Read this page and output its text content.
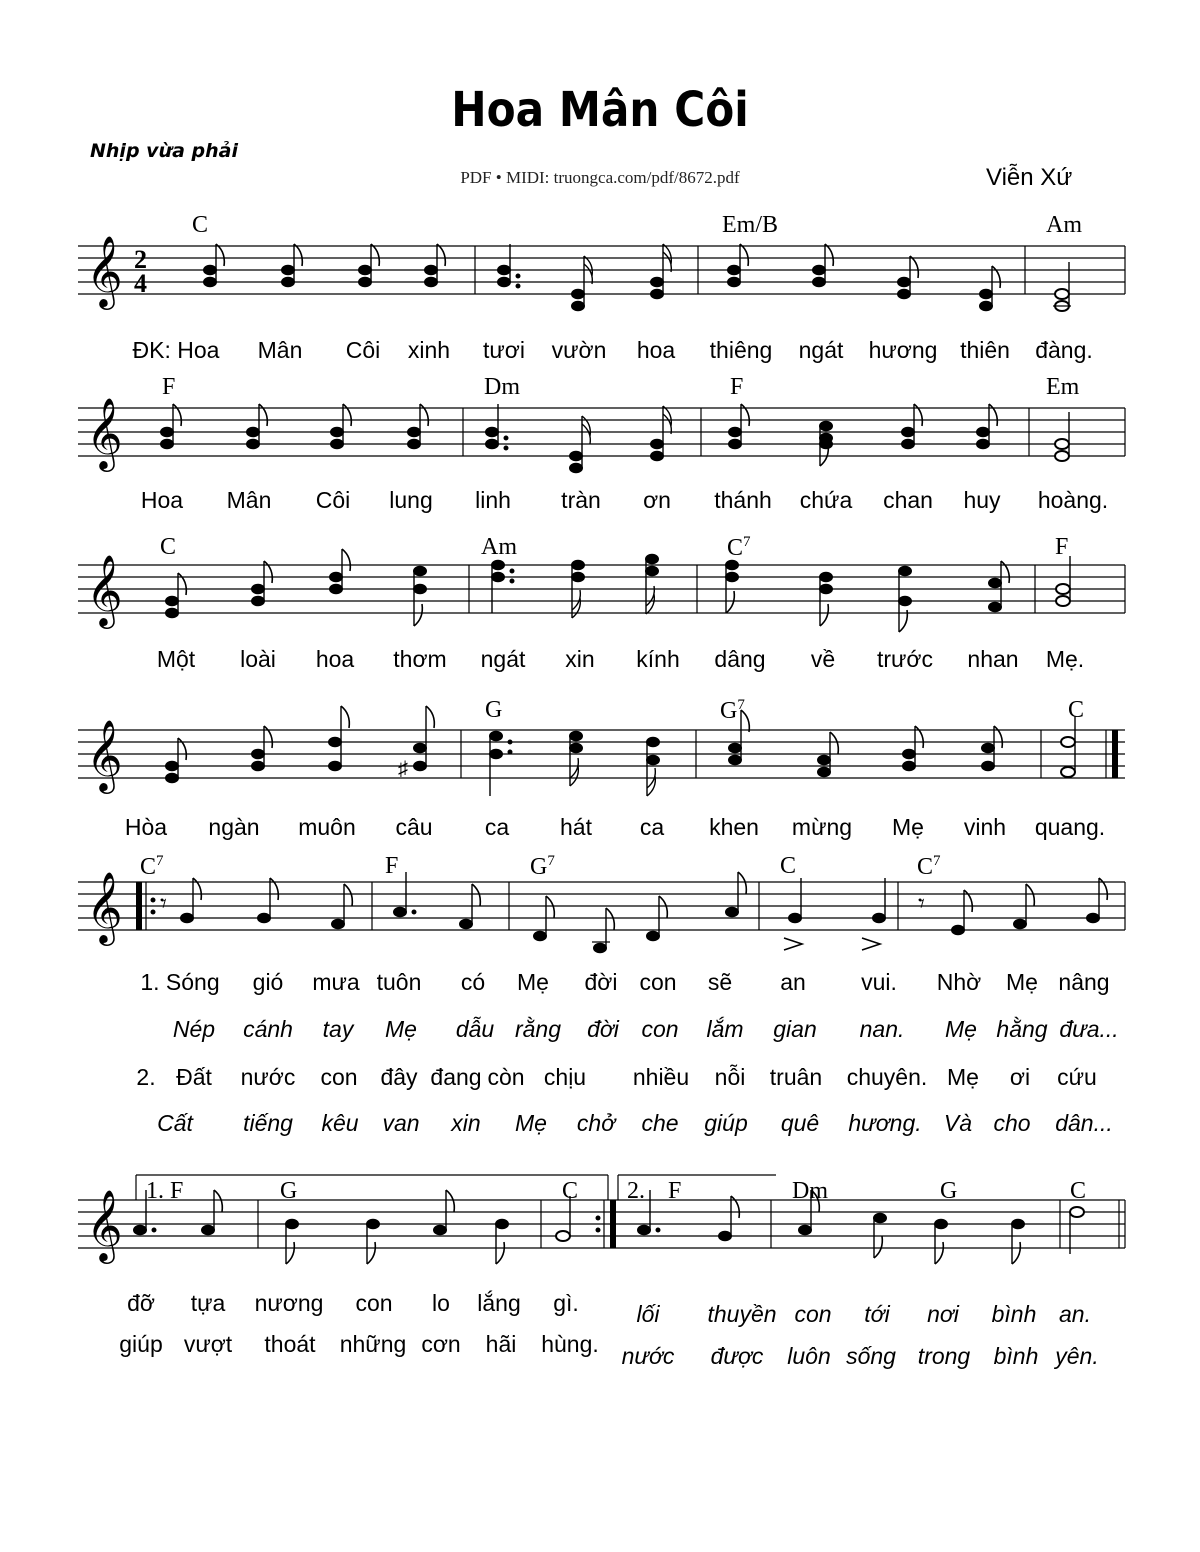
Hoa Mân Côi
Nhịp vừa phải
PDF • MIDI: truongca.com/pdf/8672.pdf	Viễn Xứ
𝄞 2
4
C	Em/B	Am
ĐK: Hoa Mân Côi xinh tươi vườn hoa thiêng ngát hương thiên đàng.
𝄞
F	Dm	F	Em
Hoa Mân Côi lung linh tràn ơn thánh chứa chan huy hoàng.
𝄞
C	Am	$C^7$	F
Một loài hoa thơm ngát xin kính dâng về trước nhan Mẹ.
𝄞	♯
G	$G^7$	C
Hòa ngàn muôn câu ca hát ca khen mừng Mẹ vinh quang.
𝄞 𝄾	𝄾
$C^7$	F	$G^7$	C	$C^7$
1. Sóng gió mưa tuôn có Mẹ đời con sẽ an vui. Nhờ Mẹ nâng
Nép cánh tay Mẹ dẫu rằng đời con lắm gian nan. Mẹ hằng đưa...
2. Đất nước con đây đang còn chịu nhiều nỗi truân chuyên. Mẹ ơi cứu
Cất tiếng kêu van xin Mẹ chở che giúp quê hương. Và cho dân...
𝄞
1. F	G	C 2. F	Dm	G	C
đỡ tựa nương con lo lắng gì.
giúp vượt thoát những cơn hãi hùng.
lối thuyền con tới nơi bình an.
nước được luôn sống trong bình yên.
